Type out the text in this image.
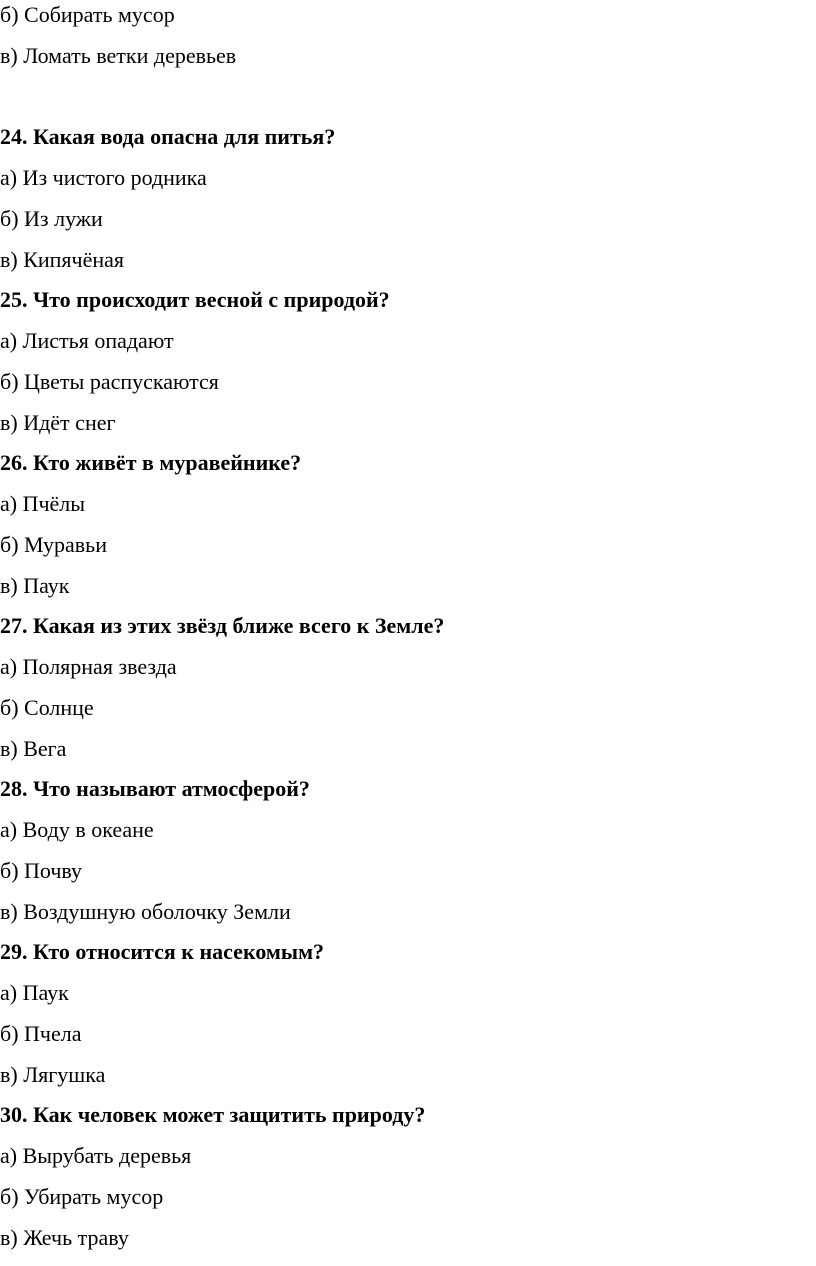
б) Собирать мусор

в) Ломать ветки деревьев

24. Какая вода опасна для питья?

а) Из чистого родника

б) Из лужи

в) Кипячёная

25. Что происходит весной с природой?

а) Листья опадают

б) Цветы распускаются

в) Идёт снег

26. Кто живёт в муравейнике?

а) Пчёлы

б) Муравьи

в) Паук

27. Какая из этих звёзд ближе всего к Земле?

а) Полярная звезда

б) Солнце

в) Вега

28. Что называют атмосферой?

а) Воду в океане

б) Почву

в) Воздушную оболочку Земли

29. Кто относится к насекомым?

а) Паук

б) Пчела

в) Лягушка

30. Как человек может защитить природу?

а) Вырубать деревья

б) Убирать мусор

в) Жечь траву
